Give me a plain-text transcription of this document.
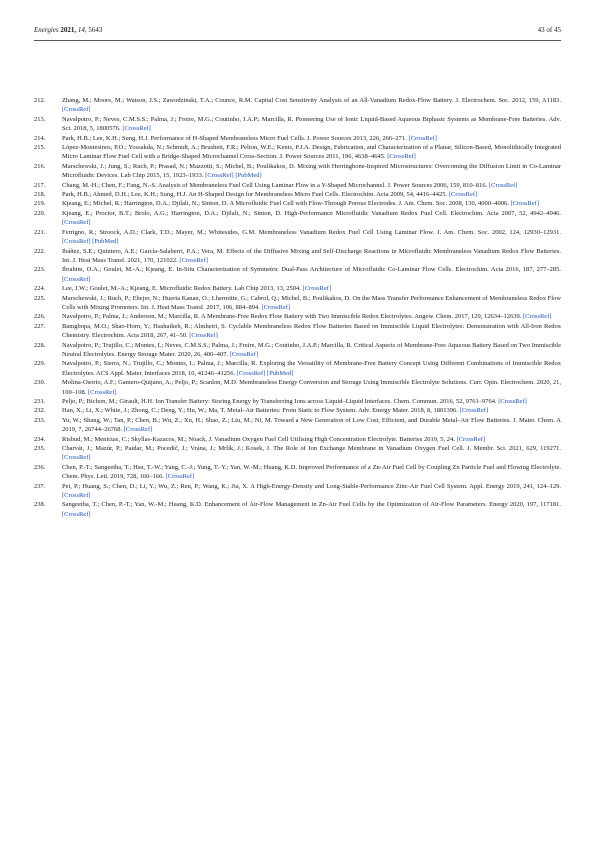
Energies 2021, 14, 5643	43 of 45
212.	Zhang, M.; Moore, M.; Watson, J.S.; Zawodzinski, T.A.; Counce, R.M. Capital Cost Sensitivity Analysis of an All-Vanadium Redox-Flow Battery. J. Electrochem. Soc. 2012, 159, A1183. [CrossRef]
213.	Navalpotro, P.; Neves, C.M.S.S.; Palma, J.; Freire, M.G.; Coutinho, J.A.P.; Marcilla, R. Pioneering Use of Ionic Liquid-Based Aqueous Biphasic Systems as Membrane-Free Batteries. Adv. Sci. 2018, 5, 1800576. [CrossRef]
214.	Park, H.B.; Lee, K.H.; Sung, H.J. Performance of H-Shaped Membraneless Micro Fuel Cells. J. Power Sources 2013, 226, 266–271. [CrossRef]
215.	López-Montesinos, P.O.; Yossakda, N.; Schmidt, A.; Brushett, F.R.; Pelton, W.E.; Kenis, P.J.A. Design, Fabrication, and Characterization of a Planar, Silicon-Based, Monolithically Integrated Micro Laminar Flow Fuel Cell with a Bridge-Shaped Microchannel Cross-Section. J. Power Sources 2011, 196, 4638–4645. [CrossRef]
216.	Marschewski, J.; Jung, S.; Ruch, P.; Prasad, N.; Mazzotti, S.; Michel, B.; Poulikakos, D. Mixing with Herringbone-Inspired Microstructures: Overcoming the Diffusion Limit in Co-Laminar Microfluidic Devices. Lab Chip 2015, 15, 1923–1933. [CrossRef] [PubMed]
217.	Chang, M.-H.; Chen, F.; Fang, N.-S. Analysis of Membraneless Fuel Cell Using Laminar Flow in a Y-Shaped Microchannel. J. Power Sources 2006, 159, 810–816. [CrossRef]
218.	Park, H.B.; Ahmed, D.H.; Lee, K.H.; Sung, H.J. An H-Shaped Design for Membraneless Micro Fuel Cells. Electrochim. Acta 2009, 54, 4416–4425. [CrossRef]
219.	Kjeang, E.; Michel, R.; Harrington, D.A.; Djilali, N.; Sinton, D. A Microfluidic Fuel Cell with Flow-Through Porous Electrodes. J. Am. Chem. Soc. 2008, 130, 4000–4006. [CrossRef]
220.	Kjeang, E.; Proctor, B.T.; Brolo, A.G.; Harrington, D.A.; Djilali, N.; Sinton, D. High-Performance Microfluidic Vanadium Redox Fuel Cell. Electrochim. Acta 2007, 52, 4942–4946. [CrossRef]
221.	Ferrigno, R.; Stroock, A.D.; Clark, T.D.; Mayer, M.; Whitesides, G.M. Membraneless Vanadium Redox Fuel Cell Using Laminar Flow. J. Am. Chem. Soc. 2002, 124, 12930–12931. [CrossRef] [PubMed]
222.	Ibáñez, S.E.; Quintero, A.E.; García-Salaberri, P.A.; Vera, M. Effects of the Diffusive Mixing and Self-Discharge Reactions in Microfluidic Membraneless Vanadium Redox Flow Batteries. Int. J. Heat Mass Transf. 2021, 170, 121022. [CrossRef]
223.	Ibrahim, O.A.; Goulet, M.-A.; Kjeang, E. In-Situ Characterization of Symmetric Dual-Pass Architecture of Microfluidic Co-Laminar Flow Cells. Electrochim. Acta 2016, 187, 277–285. [CrossRef]
224.	Lee, J.W.; Goulet, M.-A.; Kjeang, E. Microfluidic Redox Battery. Lab Chip 2013, 13, 2504. [CrossRef]
225.	Marschewski, J.; Ruch, P.; Ebejer, N.; Huerta Kanan, O.; Lhermitte, G.; Cabrol, Q.; Michel, B.; Poulikakos, D. On the Mass Transfer Performance Enhancement of Membraneless Redox Flow Cells with Mixing Promoters. Int. J. Heat Mass Transf. 2017, 106, 884–894. [CrossRef]
226.	Navalpotro, P.; Palma, J.; Anderson, M.; Marcilla, R. A Membrane-Free Redox Flow Battery with Two Immiscible Redox Electrolytes. Angew. Chem. 2017, 129, 12634–12639. [CrossRef]
227.	Bamgbopa, M.O.; Shao-Horn, Y.; Hashaikeh, R.; Almheiri, S. Cyclable Membraneless Redox Flow Batteries Based on Immiscible Liquid Electrolytes: Demonstration with All-Iron Redox Chemistry. Electrochim. Acta 2018, 267, 41–50. [CrossRef]
228.	Navalpotro, P.; Trujillo, C.; Montes, I.; Neves, C.M.S.S.; Palma, J.; Freire, M.G.; Coutinho, J.A.P.; Marcilla, R. Critical Aspects of Membrane-Free Aqueous Battery Based on Two Immiscible Neutral Electrolytes. Energy Storage Mater. 2020, 26, 400–407. [CrossRef]
229.	Navalpotro, P.; Sierra, N.; Trujillo, C.; Montes, I.; Palma, J.; Marcilla, R. Exploring the Versatility of Membrane-Free Battery Concept Using Different Combinations of Immiscible Redox Electrolytes. ACS Appl. Mater. Interfaces 2018, 10, 41246–41256. [CrossRef] [PubMed]
230.	Molina-Osorio, A.F.; Gamero-Quijano, A.; Peljo, P.; Scanlon, M.D. Membraneless Energy Conversion and Storage Using Immiscible Electrolyte Solutions. Curr. Opin. Electrochem. 2020, 21, 100–108. [CrossRef]
231.	Peljo, P.; Bichon, M.; Girault, H.H. Ion Transfer Battery: Storing Energy by Transferring Ions across Liquid–Liquid Interfaces. Chem. Commun. 2016, 52, 9761–9764. [CrossRef]
232.	Han, X.; Li, X.; White, J.; Zhong, C.; Deng, Y.; Hu, W.; Ma, T. Metal–Air Batteries: From Static to Flow System. Adv. Energy Mater. 2018, 8, 1801396. [CrossRef]
233.	Yu, W.; Shang, W.; Tan, P.; Chen, B.; Wu, Z.; Xu, H.; Shao, Z.; Liu, M.; Ni, M. Toward a New Generation of Low Cost, Efficient, and Durable Metal–Air Flow Batteries. J. Mater. Chem. A 2019, 7, 26744–26768. [CrossRef]
234.	Risbud, M.; Menictas, C.; Skyllas-Kazacos, M.; Noack, J. Vanadium Oxygen Fuel Cell Utilising High Concentration Electrolyte. Batteries 2019, 5, 24. [CrossRef]
235.	Charvát, J.; Mazúr, P.; Paidar, M.; Pocedič, J.; Vrána, J.; Mrlík, J.; Kosek, J. The Role of Ion Exchange Membrane in Vanadium Oxygen Fuel Cell. J. Membr. Sci. 2021, 629, 119271. [CrossRef]
236.	Chen, P.-T.; Sangeetha, T.; Hsu, T.-W.; Yang, C.-J.; Yung, T.-Y.; Yan, W.-M.; Huang, K.D. Improved Performance of a Zn-Air Fuel Cell by Coupling Zn Particle Fuel and Flowing Electrolyte. Chem. Phys. Lett. 2019, 728, 160–166. [CrossRef]
237.	Pei, P.; Huang, S.; Chen, D.; Li, Y.; Wu, Z.; Ren, P.; Wang, K.; Jia, X. A High-Energy-Density and Long-Stable-Performance Zinc-Air Fuel Cell System. Appl. Energy 2019, 241, 124–129. [CrossRef]
238.	Sangeetha, T.; Chen, P.-T.; Yan, W.-M.; Huang, K.D. Enhancement of Air-Flow Management in Zn-Air Fuel Cells by the Optimization of Air-Flow Parameters. Energy 2020, 197, 117181. [CrossRef]
